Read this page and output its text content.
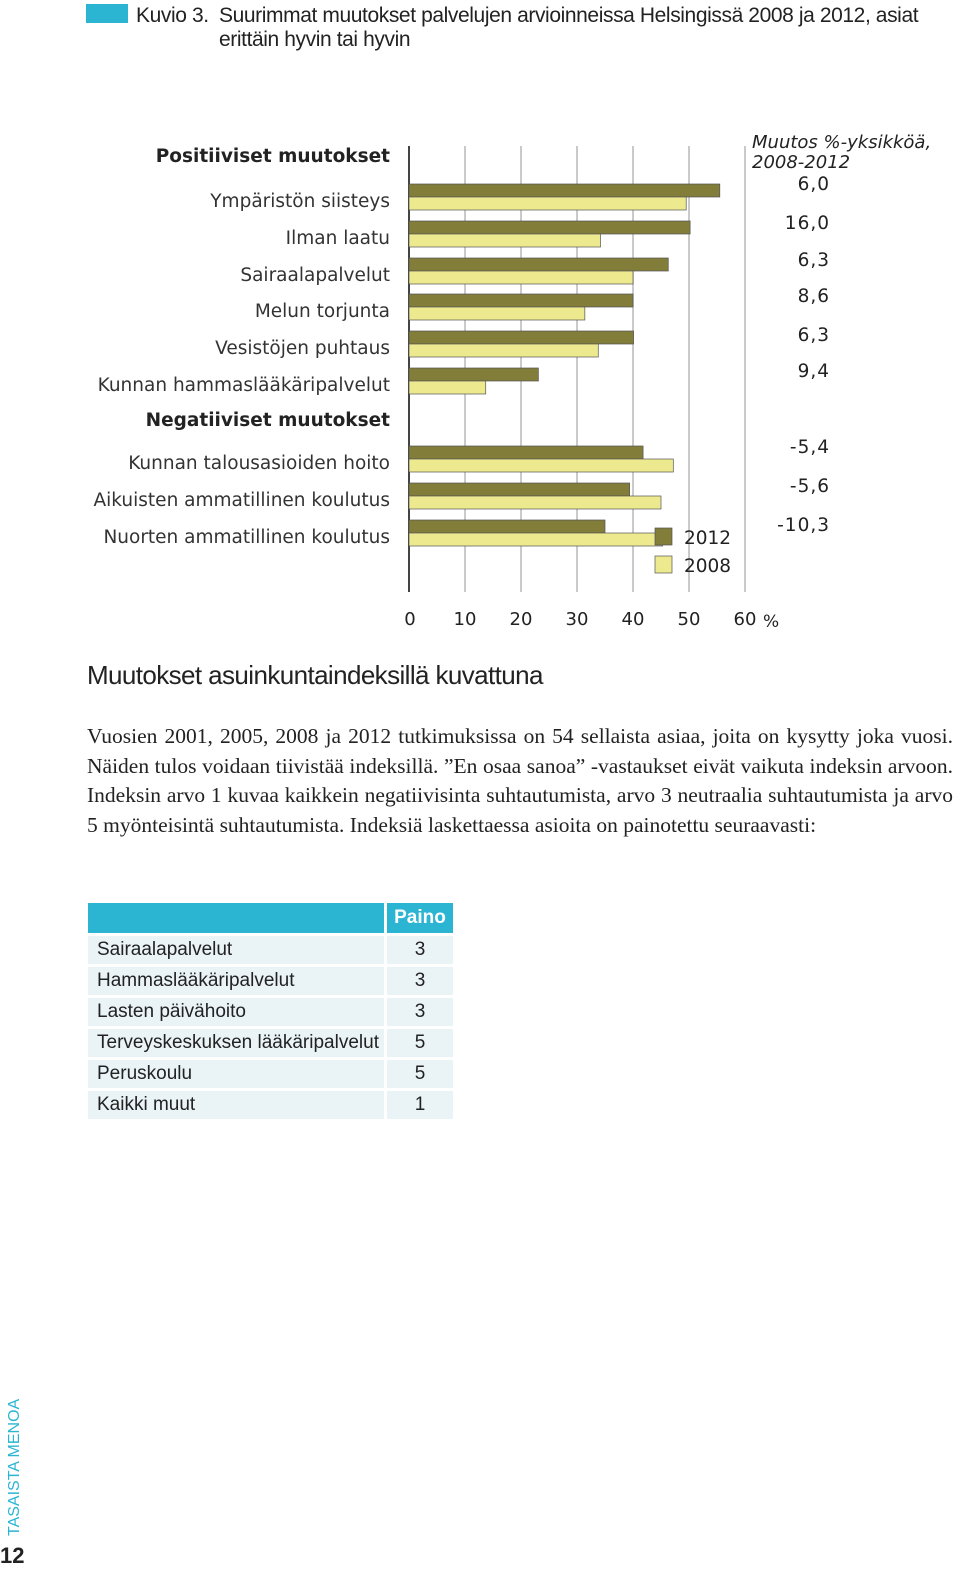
Kuvio 3. Suurimmat muutokset palvelujen arvioinneissa Helsingissä 2008 ja 2012, asiat erittäin hyvin tai hyvin
Positiiviset muutokset
Negatiiviset muutokset
Ympäristön siisteys
6,0
Ilman laatu
16,0
Sairaalapalvelut
6,3
Melun torjunta
8,6
Vesistöjen puhtaus
6,3
Kunnan hammaslääkäripalvelut
9,4
Kunnan talousasioiden hoito
-5,4
Aikuisten ammatillinen koulutus
-5,6
Nuorten ammatillinen koulutus
-10,3
Muutos %-yksikköä,
2008-2012
2012
2008
0 10 20 30 40 50 60 %
Muutokset asuinkuntaindeksillä kuvattuna

Vuosien 2001, 2005, 2008 ja 2012 tutkimuksissa on 54 sellaista asiaa, joita on kysytty joka vuosi. Näiden tulos voidaan tiivistää indeksillä. ”En osaa sanoa” -vastaukset eivät vaikuta indeksin arvoon. Indeksin arvo 1 kuvaa kaikkein negatiivisinta suhtautumista, arvo 3 neutraalia suhtautumista ja arvo 5 myönteisintä suhtautumista. Indeksiä laskettaessa asioita on painotettu seuraavasti:

	Paino
Sairaalapalvelut	3
Hammaslääkäripalvelut	3
Lasten päivähoito	3
Terveyskeskuksen lääkäripalvelut	5
Peruskoulu	5
Kaikki muut	1
TASAISTA MENOA
12
